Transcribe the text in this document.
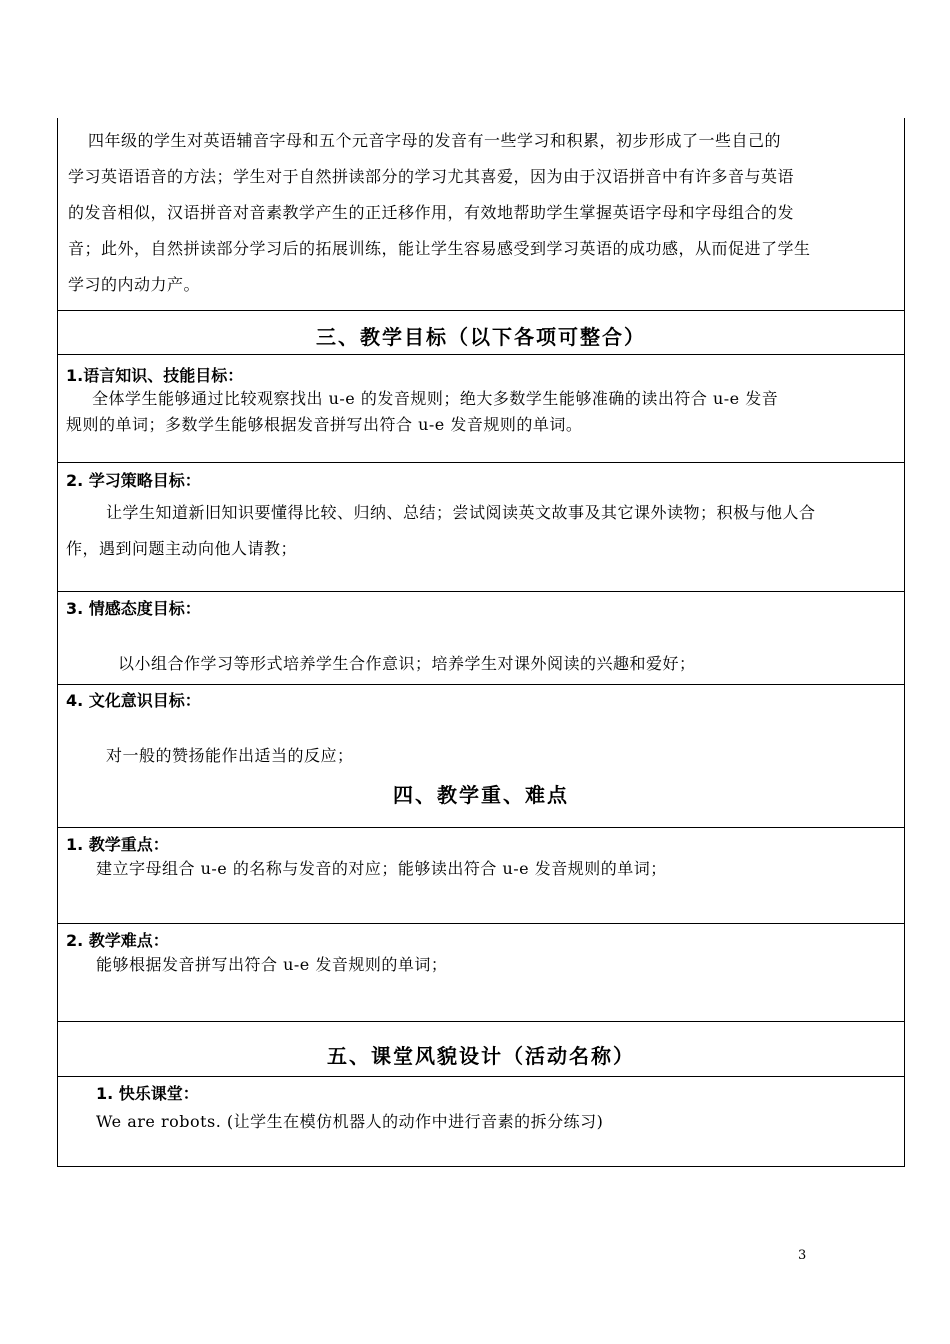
四年级的学生对英语辅音字母和五个元音字母的发音有一些学习和积累，初步形成了一些自己的
学习英语语音的方法；学生对于自然拼读部分的学习尤其喜爱，因为由于汉语拼音中有许多音与英语
的发音相似，汉语拼音对音素教学产生的正迁移作用，有效地帮助学生掌握英语字母和字母组合的发
音；此外，自然拼读部分学习后的拓展训练，能让学生容易感受到学习英语的成功感，从而促进了学生
学习的内动力产。
三、教学目标（以下各项可整合）
1.语言知识、技能目标：
全体学生能够通过比较观察找出 u-e 的发音规则；绝大多数学生能够准确的读出符合 u-e 发音
规则的单词；多数学生能够根据发音拼写出符合 u-e 发音规则的单词。
2. 学习策略目标：
让学生知道新旧知识要懂得比较、归纳、总结；尝试阅读英文故事及其它课外读物；积极与他人合
作，遇到问题主动向他人请教；
3. 情感态度目标：
以小组合作学习等形式培养学生合作意识；培养学生对课外阅读的兴趣和爱好；
4. 文化意识目标：
对一般的赞扬能作出适当的反应；
四、教学重、难点
1. 教学重点：
建立字母组合 u-e 的名称与发音的对应；能够读出符合 u-e 发音规则的单词；
2. 教学难点：
能够根据发音拼写出符合 u-e 发音规则的单词；
五、课堂风貌设计（活动名称）
1. 快乐课堂：
We are robots. (让学生在模仿机器人的动作中进行音素的拆分练习)
3
